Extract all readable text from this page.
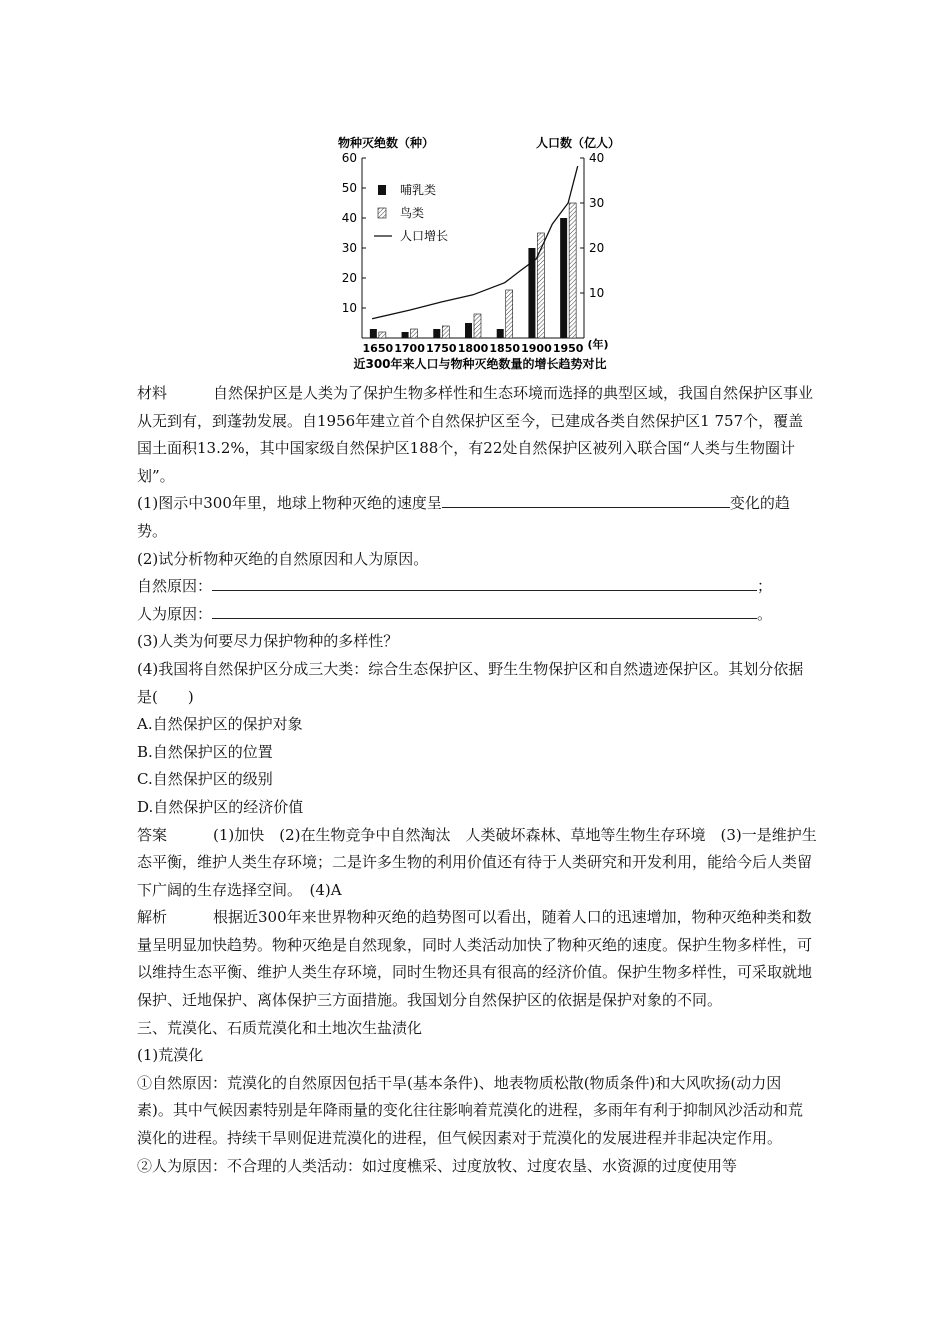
物种灭绝数（种）	人口数（亿人）
10
20
30
40
50
60
10
20
30
40
1650 1700 1750 1800 1850 1900 1950 (年)
哺乳类
鸟类
人口增长
近300年来人口与物种灭绝数量的增长趋势对比

材料	自然保护区是人类为了保护生物多样性和生态环境而选择的典型区域，我国自然保护区事业从无到有，到蓬勃发展。自1956年建立首个自然保护区至今，已建成各类自然保护区1 757个，覆盖国土面积13.2%，其中国家级自然保护区188个，有22处自然保护区被列入联合国“人类与生物圈计划”。

(1)图示中300年里，地球上物种灭绝的速度呈	变化的趋势。

(2)试分析物种灭绝的自然原因和人为原因。

自然原因：	；

人为原因：	。

(3)人类为何要尽力保护物种的多样性？

(4)我国将自然保护区分成三大类：综合生态保护区、野生生物保护区和自然遗迹保护区。其划分依据是(　　)

A.自然保护区的保护对象

B.自然保护区的位置

C.自然保护区的级别

D.自然保护区的经济价值

答案	(1)加快　(2)在生物竞争中自然淘汰　人类破坏森林、草地等生物生存环境　(3)一是维护生态平衡，维护人类生存环境；二是许多生物的利用价值还有待于人类研究和开发利用，能给今后人类留下广阔的生存选择空间。　(4)A

解析	根据近300年来世界物种灭绝的趋势图可以看出，随着人口的迅速增加，物种灭绝种类和数量呈明显加快趋势。物种灭绝是自然现象，同时人类活动加快了物种灭绝的速度。保护生物多样性，可以维持生态平衡、维护人类生存环境，同时生物还具有很高的经济价值。保护生物多样性，可采取就地保护、迁地保护、离体保护三方面措施。我国划分自然保护区的依据是保护对象的不同。

三、荒漠化、石质荒漠化和土地次生盐渍化

(1)荒漠化

①自然原因：荒漠化的自然原因包括干旱(基本条件)、地表物质松散(物质条件)和大风吹扬(动力因素)。其中气候因素特别是年降雨量的变化往往影响着荒漠化的进程，多雨年有利于抑制风沙活动和荒漠化的进程。持续干旱则促进荒漠化的进程，但气候因素对于荒漠化的发展进程并非起决定作用。

②人为原因：不合理的人类活动：如过度樵采、过度放牧、过度农垦、水资源的过度使用等
